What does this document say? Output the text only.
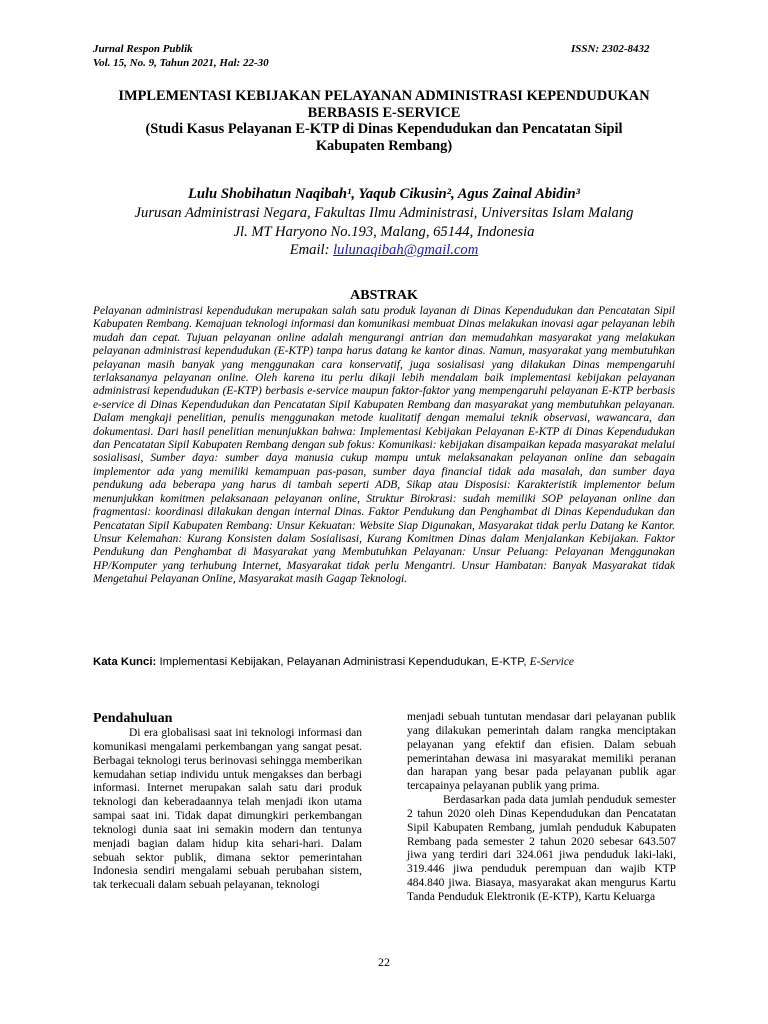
Jurnal Respon Publik
Vol. 15, No. 9, Tahun 2021, Hal: 22-30
ISSN: 2302-8432
IMPLEMENTASI KEBIJAKAN PELAYANAN ADMINISTRASI KEPENDUDUKAN
BERBASIS E-SERVICE
(Studi Kasus Pelayanan E-KTP di Dinas Kependudukan dan Pencatatan Sipil
Kabupaten Rembang)
Lulu Shobihatun Naqibah¹, Yaqub Cikusin², Agus Zainal Abidin³
Jurusan Administrasi Negara, Fakultas Ilmu Administrasi, Universitas Islam Malang
Jl. MT Haryono No.193, Malang, 65144, Indonesia
Email: lulunaqibah@gmail.com
ABSTRAK

Pelayanan administrasi kependudukan merupakan salah satu produk layanan di Dinas Kependudukan dan Pencatatan Sipil Kabupaten Rembang. Kemajuan teknologi informasi dan komunikasi membuat Dinas melakukan inovasi agar pelayanan lebih mudah dan cepat. Tujuan pelayanan online adalah mengurangi antrian dan memudahkan masyarakat yang melakukan pelayanan administrasi kependudukan (E-KTP) tanpa harus datang ke kantor dinas. Namun, masyarakat yang membutuhkan pelayanan masih banyak yang menggunakan cara konservatif, juga sosialisasi yang dilakukan Dinas mempengaruhi terlaksananya pelayanan online. Oleh karena itu perlu dikaji lebih mendalam baik implementasi kebijakan pelayanan administrasi kependudukan (E-KTP) berbasis e-service maupun faktor-faktor yang mempengaruhi pelayanan E-KTP berbasis e-service di Dinas Kependudukan dan Pencatatan Sipil Kabupaten Rembang dan masyarakat yang membutuhkan pelayanan. Dalam mengkaji penelitian, penulis menggunakan metode kualitatif dengan memalui teknik observasi, wawancara, dan dokumentasi. Dari hasil penelitian menunjukkan bahwa: Implementasi Kebijakan Pelayanan E-KTP di Dinas Kependudukan dan Pencatatan Sipil Kabupaten Rembang dengan sub fokus: Komunikasi: kebijakan disampaikan kepada masyarakat melalui sosialisasi, Sumber daya: sumber daya manusia cukup mampu untuk melaksanakan pelayanan online dan sebagain implementor ada yang memiliki kemampuan pas-pasan, sumber daya financial tidak ada masalah, dan sumber daya pendukung ada beberapa yang harus di tambah seperti ADB, Sikap atau Disposisi: Karakteristik implementor belum menunjukkan komitmen pelaksanaan pelayanan online, Struktur Birokrasi: sudah memiliki SOP pelayanan online dan fragmentasi: koordinasi dilakukan dengan internal Dinas. Faktor Pendukung dan Penghambat di Dinas Kependudukan dan Pencatatan Sipil Kabupaten Rembang: Unsur Kekuatan: Website Siap Digunakan, Masyarakat tidak perlu Datang ke Kantor. Unsur Kelemahan: Kurang Konsisten dalam Sosialisasi, Kurang Komitmen Dinas dalam Menjalankan Kebijakan. Faktor Pendukung dan Penghambat di Masyarakat yang Membutuhkan Pelayanan: Unsur Peluang: Pelayanan Menggunakan HP/Komputer yang terhubung Internet, Masyarakat tidak perlu Mengantri. Unsur Hambatan: Banyak Masyarakat tidak Mengetahui Pelayanan Online, Masyarakat masih Gagap Teknologi.

Kata Kunci: Implementasi Kebijakan, Pelayanan Administrasi Kependudukan, E-KTP, E-Service
Pendahuluan

Di era globalisasi saat ini teknologi informasi dan komunikasi mengalami perkembangan yang sangat pesat. Berbagai teknologi terus berinovasi sehingga memberikan kemudahan setiap individu untuk mengakses dan berbagi informasi. Internet merupakan salah satu dari produk teknologi dan keberadaannya telah menjadi ikon utama sampai saat ini. Tidak dapat dimungkiri perkembangan teknologi dunia saat ini semakin modern dan tentunya menjadi bagian dalam hidup kita sehari-hari. Dalam sebuah sektor publik, dimana sektor pemerintahan Indonesia sendiri mengalami sebuah perubahan sistem, tak terkecuali dalam sebuah pelayanan, teknologi

menjadi sebuah tuntutan mendasar dari pelayanan publik yang dilakukan pemerintah dalam rangka menciptakan pelayanan yang efektif dan efisien. Dalam sebuah pemerintahan dewasa ini masyarakat memiliki peranan dan harapan yang besar pada pelayanan publik agar tercapainya pelayanan publik yang prima.

Berdasarkan pada data jumlah penduduk semester 2 tahun 2020 oleh Dinas Kependudukan dan Pencatatan Sipil Kabupaten Rembang, jumlah penduduk Kabupaten Rembang pada semester 2 tahun 2020 sebesar 643.507 jiwa yang terdiri dari 324.061 jiwa penduduk laki-laki, 319.446 jiwa penduduk perempuan dan wajib KTP 484.840 jiwa. Biasaya, masyarakat akan mengurus Kartu Tanda Penduduk Elektronik (E-KTP), Kartu Keluarga

22
